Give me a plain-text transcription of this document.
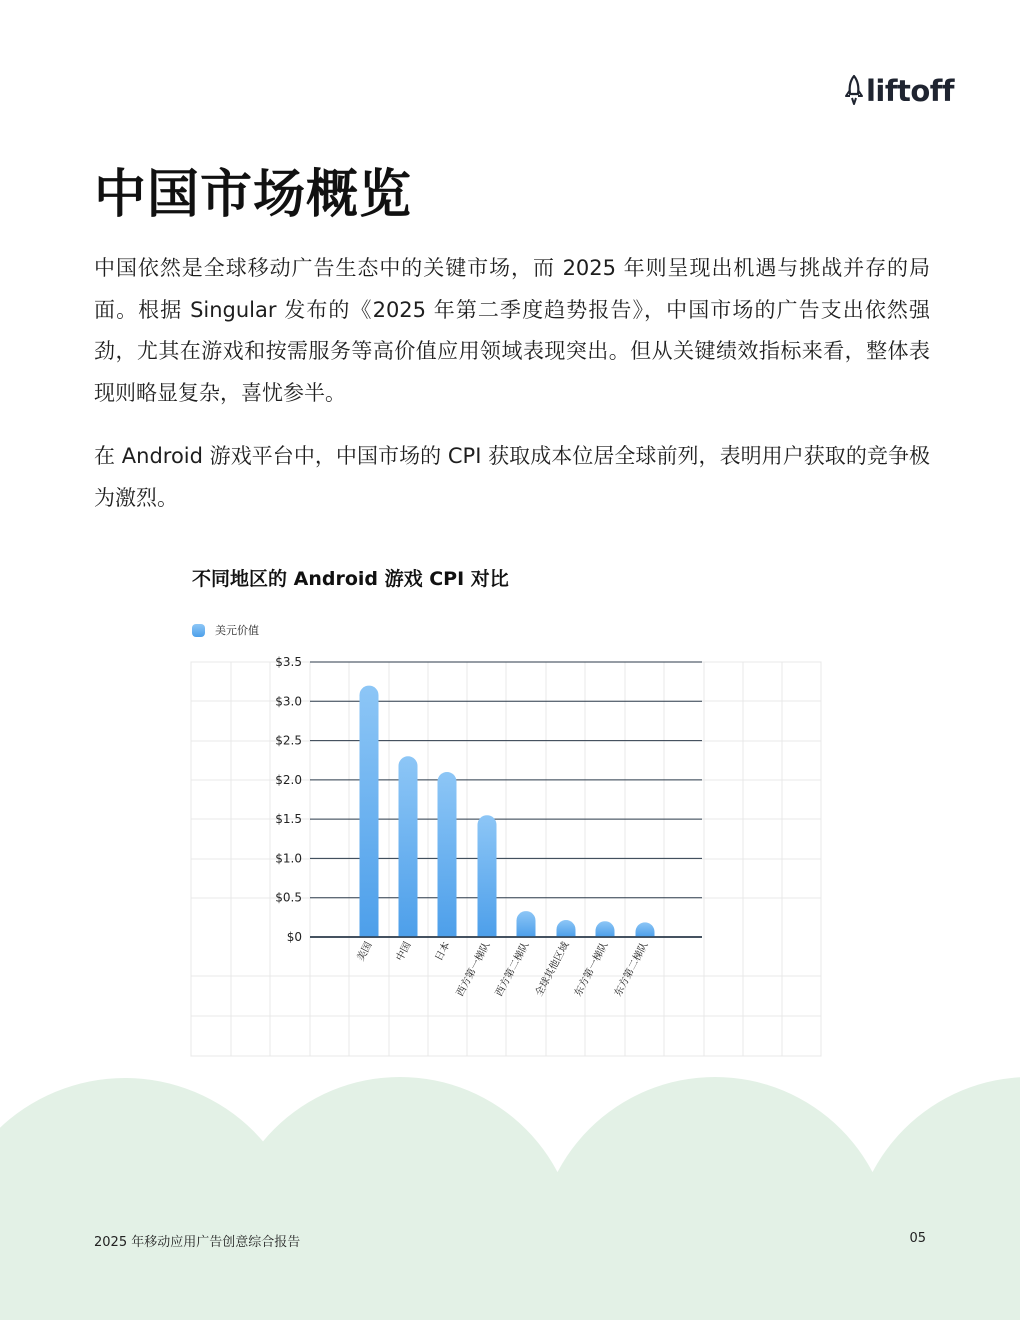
liftoff
中国市场概览

中国依然是全球移动广告生态中的关键市场，而 2025 年则呈现出机遇与挑战并存的局面。根据 Singular 发布的《2025 年第二季度趋势报告》，中国市场的广告支出依然强劲，尤其在游戏和按需服务等高价值应用领域表现突出。但从关键绩效指标来看，整体表现则略显复杂，喜忧参半。

在 Android 游戏平台中，中国市场的 CPI 获取成本位居全球前列，表明用户获取的竞争极为激烈。

不同地区的 Android 游戏 CPI 对比
美元价值
$0
$0.5
$1.0
$1.5
$2.0
$2.5
$3.0
$3.5
美国 中国 日本 西方第一梯队 西方第二梯队 全球其他区域 东方第一梯队 东方第二梯队
2025 年移动应用广告创意综合报告	05
